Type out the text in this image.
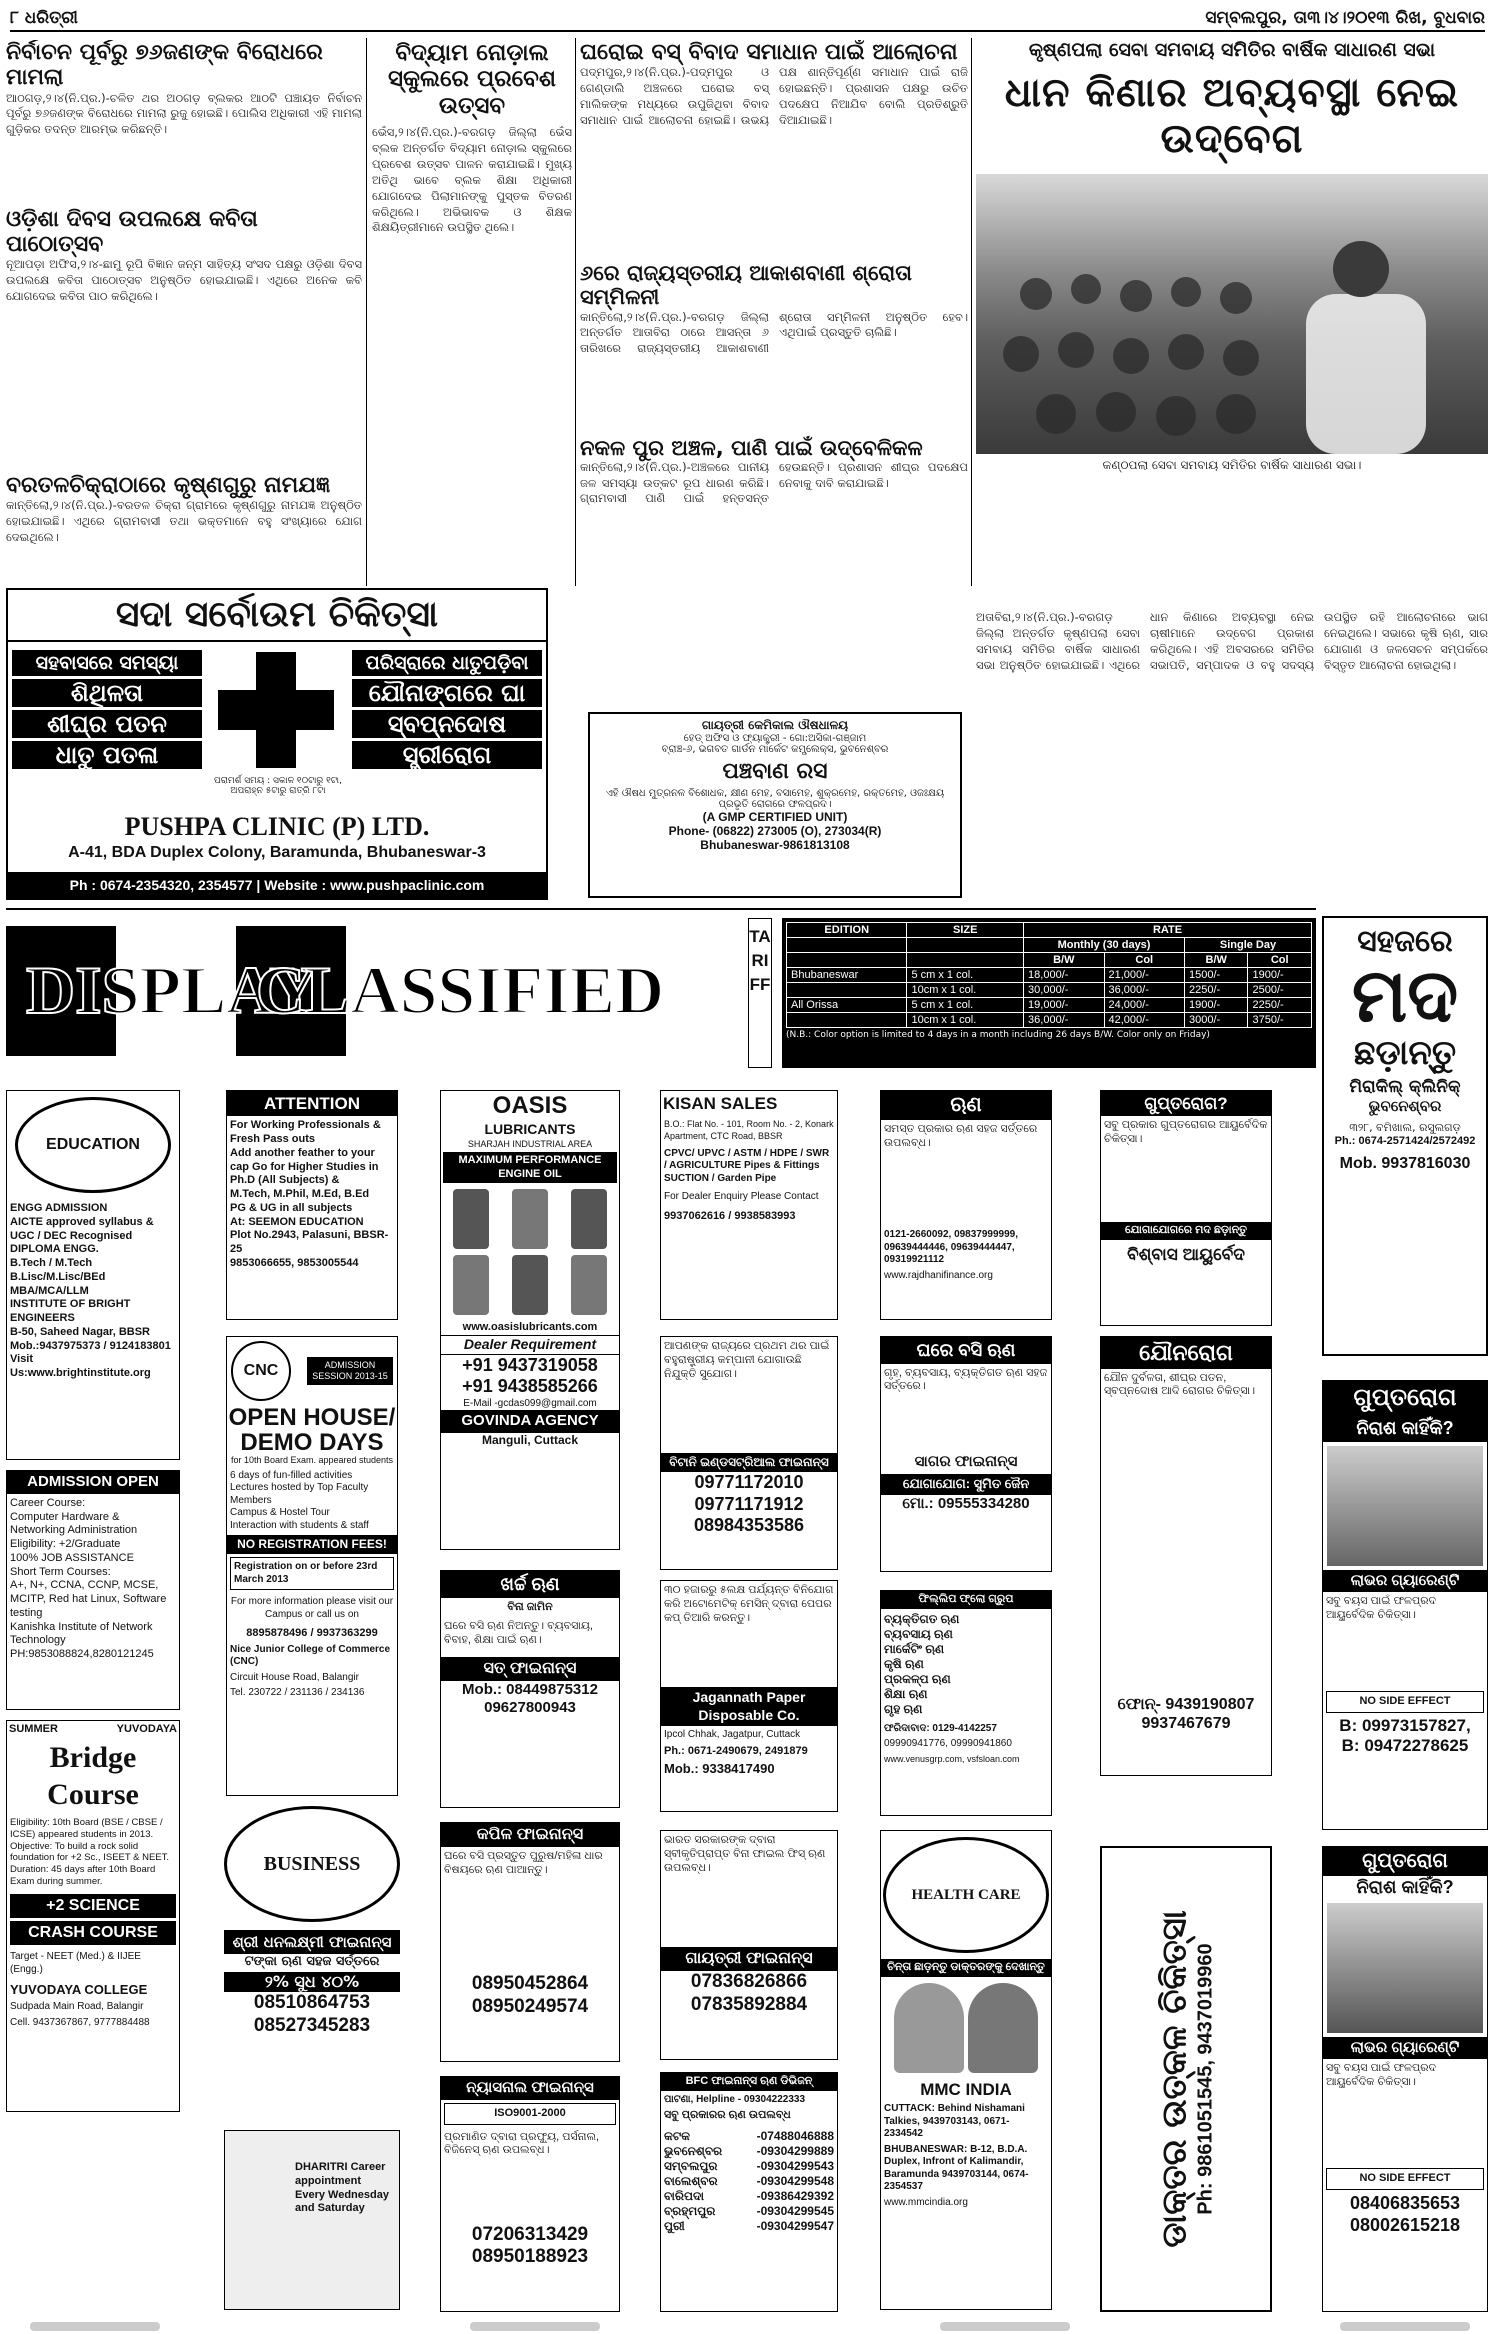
୮ ଧରିତ୍ରୀ	ସମ୍ବଲପୁର, ତା୩।୪।୨୦୧୩ ରିଖ, ବୁଧବାର
ନିର୍ବାଚନ ପୂର୍ବରୁ ୭୬ଜଣଙ୍କ ବିରୋଧରେ ମାମଲା
ଆଠଗଡ଼,୨।୪(ନି.ପ୍ର.)-ଚଳିତ ଥର ଅଠଗଡ଼ ବ୍ଲକର ଆଠଟି ପଞ୍ଚାୟତ ନିର୍ବାଚନ ପୂର୍ବରୁ ୭୬ଜଣଙ୍କ ବିରୋଧରେ ମାମଲା ରୁଜୁ ହୋଇଛି। ପୋଲିସ ଅଧିକାରୀ ଏହି ମାମଲା ଗୁଡ଼ିକର ତଦନ୍ତ ଆରମ୍ଭ କରିଛନ୍ତି।
ଓଡ଼ିଶା ଦିବସ ଉପଲକ୍ଷେ କବିତା ପାଠୋତ୍ସବ
ନୂଆପଡ଼ା ଅଫିସ,୨।୪-ଛାମୁ ରୂପି ବିଜ୍ଞାନ ଜନ୍ମ ସାହିତ୍ୟ ସଂସଦ ପକ୍ଷରୁ ଓଡ଼ିଶା ଦିବସ ଉପଲକ୍ଷେ କବିତା ପାଠୋତ୍ସବ ଅନୁଷ୍ଠିତ ହୋଇଯାଇଛି। ଏଥିରେ ଅନେକ କବି ଯୋଗଦେଇ କବିତା ପାଠ କରିଥିଲେ।
ବରତଳଚିକ୍ରାଠାରେ କୃଷ୍ଣଗୁରୁ ନାମଯଜ୍ଞ
କାନ୍ତିଲୋ,୨।୪(ନି.ପ୍ର.)-ବରତଳ ଚିକ୍ରା ଗ୍ରାମରେ କୃଷ୍ଣଗୁରୁ ନାମଯଜ୍ଞ ଅନୁଷ୍ଠିତ ହୋଇଯାଇଛି। ଏଥିରେ ଗ୍ରାମବାସୀ ତଥା ଭକ୍ତମାନେ ବହୁ ସଂଖ୍ୟାରେ ଯୋଗ ଦେଇଥିଲେ।
ବିଦ୍ୟାମ ନୋଡ଼ାଲ ସ୍କୁଲରେ ପ୍ରବେଶ ଉତ୍ସବ
ଭେଁସ,୨।୪(ନି.ପ୍ର.)-ବରଗଡ଼ ଜିଲ୍ଲା ଭେଁସ ବ୍ଲକ ଅନ୍ତର୍ଗତ ବିଦ୍ୟାମ ନୋଡ଼ାଲ ସ୍କୁଲରେ ପ୍ରବେଶ ଉତ୍ସବ ପାଳନ କରାଯାଇଛି। ମୁଖ୍ୟ ଅତିଥି ଭାବେ ବ୍ଲକ ଶିକ୍ଷା ଅଧିକାରୀ ଯୋଗଦେଇ ପିଲାମାନଙ୍କୁ ପୁସ୍ତକ ବିତରଣ କରିଥିଲେ। ଅଭିଭାବକ ଓ ଶିକ୍ଷକ ଶିକ୍ଷୟିତ୍ରୀମାନେ ଉପସ୍ଥିତ ଥିଲେ।
ଘରୋଇ ବସ୍ ବିବାଦ ସମାଧାନ ପାଇଁ ଆଲୋଚନା
ପଦ୍ମପୁର,୨।୪(ନି.ପ୍ର.)-ପଦ୍ମପୁର ଓ ଗେଣ୍ଡାଲି ଅଞ୍ଚଳରେ ଘରୋଇ ବସ୍ ମାଲିକଙ୍କ ମଧ୍ୟରେ ଉପୁଜିଥିବା ବିବାଦ ସମାଧାନ ପାଇଁ ଆଲୋଚନା ହୋଇଛି। ଉଭୟ ପକ୍ଷ ଶାନ୍ତିପୂର୍ଣ୍ଣ ସମାଧାନ ପାଇଁ ରାଜି ହୋଇଛନ୍ତି। ପ୍ରଶାସନ ପକ୍ଷରୁ ଉଚିତ ପଦକ୍ଷେପ ନିଆଯିବ ବୋଲି ପ୍ରତିଶ୍ରୁତି ଦିଆଯାଇଛି।
୬ରେ ରାଜ୍ୟସ୍ତରୀୟ ଆକାଶବାଣୀ ଶ୍ରୋତା ସମ୍ମିଳନୀ
କାନ୍ତିଲୋ,୨।୪(ନି.ପ୍ର.)-ବରଗଡ଼ ଜିଲ୍ଲା ଅନ୍ତର୍ଗତ ଆତାବିରା ଠାରେ ଆସନ୍ତା ୬ ତାରିଖରେ ରାଜ୍ୟସ୍ତରୀୟ ଆକାଶବାଣୀ ଶ୍ରୋତା ସମ୍ମିଳନୀ ଅନୁଷ୍ଠିତ ହେବ। ଏଥିପାଇଁ ପ୍ରସ୍ତୁତି ଚାଲିଛି।
ନକଳ ପୁର ଅଞ୍ଚଳ, ପାଣି ପାଇଁ ଉଦ୍ବେଳିକଳ
କାନ୍ତିଲୋ,୨।୪(ନି.ପ୍ର.)-ଅଞ୍ଚଳରେ ପାନୀୟ ଜଳ ସମସ୍ୟା ଉତ୍କଟ ରୂପ ଧାରଣ କରିଛି। ଗ୍ରାମବାସୀ ପାଣି ପାଇଁ ହନ୍ତସନ୍ତ ହେଉଛନ୍ତି। ପ୍ରଶାସନ ଶୀଘ୍ର ପଦକ୍ଷେପ ନେବାକୁ ଦାବି କରାଯାଇଛି।
କୃଷ୍ଣପଲା ସେବା ସମବାୟ ସମିତିର ବାର୍ଷିକ ସାଧାରଣ ସଭା
ଧାନ କିଣାର ଅବ୍ୟବସ୍ଥା ନେଇ ଉଦ୍ବେଗ
କଣ୍ଠପଲା ସେବା ସମବାୟ ସମିତିର ବାର୍ଷିକ ସାଧାରଣ ସଭା।
ଅତାବିରା,୨।୪(ନି.ପ୍ର.)-ବରଗଡ଼ ଜିଲ୍ଲା ଅନ୍ତର୍ଗତ କୃଷ୍ଣପଲା ସେବା ସମବାୟ ସମିତିର ବାର୍ଷିକ ସାଧାରଣ ସଭା ଅନୁଷ୍ଠିତ ହୋଇଯାଇଛି। ଏଥିରେ ଧାନ କିଣାରେ ଅବ୍ୟବସ୍ଥା ନେଇ ଚାଷୀମାନେ ଉଦ୍ବେଗ ପ୍ରକାଶ କରିଥିଲେ। ଏହି ଅବସରରେ ସମିତିର ସଭାପତି, ସମ୍ପାଦକ ଓ ବହୁ ସଦସ୍ୟ ଉପସ୍ଥିତ ରହି ଆଲୋଚନାରେ ଭାଗ ନେଇଥିଲେ। ସଭାରେ କୃଷି ଋଣ, ସାର ଯୋଗାଣ ଓ ଜଳସେଚନ ସମ୍ପର୍କରେ ବିସ୍ତୃତ ଆଲୋଚନା ହୋଇଥିଲା।
ସଦା ସର୍ବୋଉମ ଚିକିତ୍ସା
ସହବାସରେ ସମସ୍ୟା
ଶିଥିଳତା
ଶୀଘ୍ର ପତନ
ଧାତୁ ପତଳା
ପରାମର୍ଶ ସମୟ : ସକାଳ ୧୦ଟାରୁ ୧ଟା, ଅପରାହ୍ନ ୫ଟାରୁ ରାତ୍ରି ୮ଟା
ପରିସ୍ରାରେ ଧାତୁପଡ଼ିବା
ଯୌନାଙ୍ଗରେ ଘା
ସ୍ବପ୍ନଦୋଷ
ସ୍ତ୍ରୀରୋଗ
PUSHPA CLINIC (P) LTD.
A-41, BDA Duplex Colony, Baramunda, Bhubaneswar-3
Ph : 0674-2354320, 2354577 | Website : www.pushpaclinic.com
ଗାୟତ୍ରୀ କେମିକାଲ ଔଷଧାଳୟ
ହେଡ୍ ଅଫିସ ଓ ଫ୍ୟାକ୍ଟ୍ରୀ - ଗୋ:ଅସିକା-ଗଞ୍ଜାମ
ବ୍ରାଞ୍ଚ-୬, ଭଗବତ ଗାର୍ଡନ ମାର୍କେଟ କମ୍ପ୍ଲେକ୍ସ, ଭୁବନେଶ୍ବର
ପଞ୍ଚବାଣ ରସ
ଏହି ଔଷଧ ମୁତ୍ରନଳ ବିଶୋଧକ, କ୍ଷୀଣ ମେହ, ବସାମେହ, ଶୁକ୍ରମେହ, ରକ୍ତମେହ, ଓଜଃକ୍ଷୟ ପ୍ରଭୃତି ରୋଗରେ ଫଳପ୍ରଦ।
(A GMP CERTIFIED UNIT)
Phone- (06822) 273005 (O), 273034(R)
Bhubaneswar-9861813108
DISPLAY
CLASSIFIED
TARIFF
EDITION	SIZE	RATE			
		Monthly (30 days)		Single Day	
		B/W	Col	B/W	Col
Bhubaneswar	5 cm x 1 col.	18,000/-	21,000/-	1500/-	1900/-
	10cm x 1 col.	30,000/-	36,000/-	2250/-	2500/-
All Orissa	5 cm x 1 col.	19,000/-	24,000/-	1900/-	2250/-
	10cm x 1 col.	36,000/-	42,000/-	3000/-	3750/-
(N.B.: Color option is limited to 4 days in a month including 26 days B/W. Color only on Friday)
ସହଜରେ
ମଦ
ଛଡ଼ାନ୍ତୁ
ମିରାକିଲ୍ କ୍ଲିନିକ୍
ଭୁବନେଶ୍ବର
୩୨୮, ବମିଖାଲ, ରସୁଲଗଡ଼
Ph.: 0674-2571424/2572492
Mob. 9937816030
EDUCATION
ENGG ADMISSION
AICTE approved syllabus & UGC / DEC Recognised
DIPLOMA ENGG.
B.Tech / M.Tech
B.Lisc/M.Lisc/BEd
MBA/MCA/LLM
INSTITUTE OF BRIGHT ENGINEERS
B-50, Saheed Nagar, BBSR
Mob.:9437975373 / 9124183801
Visit Us:www.brightinstitute.org
ADMISSION OPEN
Career Course:
Computer Hardware & Networking Administration
Eligibility: +2/Graduate
100% JOB ASSISTANCE
Short Term Courses:
A+, N+, CCNA, CCNP, MCSE, MCITP, Red hat Linux, Software testing
Kanishka Institute of Network Technology
PH:9853088824,8280121245
SUMMER	YUVODAYA
Bridge Course
Eligibility: 10th Board (BSE / CBSE / ICSE) appeared students in 2013. Objective: To build a rock solid foundation for +2 Sc., ISEET & NEET. Duration: 45 days after 10th Board Exam during summer.
+2 SCIENCE
CRASH COURSE
Target - NEET (Med.) & IIJEE (Engg.)
YUVODAYA COLLEGE
Sudpada Main Road, Balangir
Cell. 9437367867, 9777884488
ATTENTION
For Working Professionals & Fresh Pass outs
Add another feather to your cap Go for Higher Studies in
Ph.D (All Subjects) &
M.Tech, M.Phil, M.Ed, B.Ed
PG & UG in all subjects
At: SEEMON EDUCATION
Plot No.2943, Palasuni, BBSR-25
9853066655, 9853005544
CNC	ADMISSION SESSION 2013-15
OPEN HOUSE/ DEMO DAYS
for 10th Board Exam. appeared students
6 days of fun-filled activities
Lectures hosted by Top Faculty Members
Campus & Hostel Tour
Interaction with students & staff
NO REGISTRATION FEES!
Registration on or before 23rd March 2013
For more information please visit our Campus or call us on
8895878496 / 9937363299
Nice Junior College of Commerce (CNC)
Circuit House Road, Balangir
Tel. 230722 / 231136 / 234136
BUSINESS
ଶ୍ରୀ ଧନଲକ୍ଷ୍ମୀ ଫାଇନାନ୍ସ
ଟଙ୍କା ଋଣ ସହଜ ସର୍ତ୍ତରେ
୨% ସୁଧ ୪୦%
08510864753
08527345283
DHARITRI Career appointment Every Wednesday and Saturday
OASIS
LUBRICANTS
SHARJAH INDUSTRIAL AREA
MAXIMUM PERFORMANCE ENGINE OIL
www.oasislubricants.com
Dealer Requirement
+91 9437319058
+91 9438585266
E-Mail -gcdas099@gmail.com
GOVINDA AGENCY
Manguli, Cuttack
ଖର୍ଚ୍ଚ ଋଣ
ବିନା ଜାମିନ
ଘରେ ବସି ଋଣ ନିଅନ୍ତୁ। ବ୍ୟବସାୟ, ବିବାହ, ଶିକ୍ଷା ପାଇଁ ଋଣ।
ସତ୍ ଫାଇନାନ୍ସ
Mob.: 08449875312
09627800943
କପିଳ ଫାଇନାନ୍ସ
ଘରେ ବସି ପ୍ରସ୍ତୁତ ପୁରୁଷ/ମହିଳା ଧାର ବିଷୟରେ ଋଣ ପାଆନ୍ତୁ।
08950452864
08950249574
ନ୍ୟାସନାଲ ଫାଇନାନ୍ସ
ISO9001-2000
ପ୍ରମାଣିତ ଦ୍ବାରା ପ୍ରଫ୍ୟୁ, ପର୍ସନାଲ, ବିଜିନେସ୍ ଋଣ ଉପଲବ୍ଧ।
07206313429
08950188923
KISAN SALES
B.O.: Flat No. - 101, Room No. - 2, Konark Apartment, CTC Road, BBSR
CPVC/ UPVC / ASTM / HDPE / SWR / AGRICULTURE Pipes & Fittings SUCTION / Garden Pipe
For Dealer Enquiry Please Contact
9937062616 / 9938583993
ଆପଣଙ୍କ ରାଜ୍ୟରେ ପ୍ରଥମ ଥର ପାଇଁ ବହୁରାଷ୍ଟ୍ରୀୟ କମ୍ପାନୀ ଯୋଗାଉଛି ନିଯୁକ୍ତି ସୁଯୋଗ।
ବିଟାନି ଇଣ୍ଡସଟ୍ରିଆଲ ଫାଇନାନ୍ସ
09771172010
09771171912
08984353586
୩୦ ହଜାରରୁ ୫ଲକ୍ଷ ପର୍ଯ୍ୟନ୍ତ ବିନିଯୋଗ କରି ଅଟୋମେଟିକ୍ ମେସିନ୍ ଦ୍ବାରା ପେପର କପ୍ ତିଆରି କରନ୍ତୁ।
Jagannath Paper Disposable Co.
Ipcol Chhak, Jagatpur, Cuttack
Ph.: 0671-2490679, 2491879
Mob.: 9338417490
ଭାରତ ସରକାରଙ୍କ ଦ୍ବାରା ସ୍ବୀକୃତିପ୍ରାପ୍ତ ବିନା ଫାଇଲ ଫିସ୍ ଋଣ ଉପଲବ୍ଧ।
ଗାୟତ୍ରୀ ଫାଇନାନ୍ସ
07836826866
07835892884
BFC ଫାଇନାନ୍ସ ଋଣ ଡିଭିଜନ୍
ପାଟଣା, Helpline - 09304222333
ସବୁ ପ୍ରକାରର ଋଣ ଉପଲବ୍ଧ
କଟକ	-07488046888
ଭୁବନେଶ୍ବର	-09304299889
ସମ୍ବଲପୁର	-09304299543
ବାଲେଶ୍ବର	-09304299548
ବାରିପଦା	-09386429392
ବ୍ରହ୍ମପୁର	-09304299545
ପୁରୀ	-09304299547
ଋଣ
ସମସ୍ତ ପ୍ରକାର ଋଣ ସହଜ ସର୍ତ୍ତରେ ଉପଲବ୍ଧ।
0121-2660092, 09837999999, 09639444446, 09639444447, 09319921112
www.rajdhanifinance.org
ଘରେ ବସି ଋଣ
ଗୃହ, ବ୍ୟବସାୟ, ବ୍ୟକ୍ତିଗତ ଋଣ ସହଜ ସର୍ତ୍ତରେ।
ସାଗର ଫାଇନାନ୍ସ
ଯୋଗାଯୋଗ: ସୁମିତ ଜୈନ
ମୋ.: 09555334280
ଫିଲ୍ଲିପ ଫ୍ଲୋ ଗ୍ରୁପ
ବ୍ୟକ୍ତିଗତ ଋଣ
ବ୍ୟବସାୟ ଋଣ
ମାର୍କେଟିଂ ଋଣ
କୃଷି ଋଣ
ପ୍ରକଳ୍ପ ଋଣ
ଶିକ୍ଷା ଋଣ
ଗୃହ ଋଣ
ଫରିଦାବାଦ: 0129-4142257
09990941776, 09990941860
www.venusgrp.com, vsfsloan.com
HEALTH CARE
ଚିନ୍ତା ଛାଡ଼ନ୍ତୁ ଡାକ୍ତରଙ୍କୁ ଦେଖାନ୍ତୁ
MMC INDIA
CUTTACK: Behind Nishamani Talkies, 9439703143, 0671-2334542
BHUBANESWAR: B-12, B.D.A. Duplex, Infront of Kalimandir, Baramunda 9439703144, 0674-2354537
www.mmcindia.org
ଗୁପ୍ତରୋଗ?
ସବୁ ପ୍ରକାର ଗୁପ୍ତରୋଗର ଆୟୁର୍ବେଦିକ ଚିକିତ୍ସା।
ଯୋଗାଯୋଗରେ ମଦ ଛଡ଼ାନ୍ତୁ
ବିଶ୍ବାସ ଆୟୁର୍ବେଦ
ଯୌନରୋଗ
ଯୌନ ଦୁର୍ବଳତା, ଶୀଘ୍ର ପତନ, ସ୍ବପ୍ନଦୋଷ ଆଦି ରୋଗର ଚିକିତ୍ସା।
ଫୋନ୍- 9439190807
9937467679
ଡାକ୍ତର ଉତ୍କଳ ଚିକିତ୍ସା Ph: 9861051545, 9437019960
ଗୁପ୍ତରୋଗ
ନିରାଶ କାହିଁକି?
ଲାଭର ଗ୍ୟାରେଣ୍ଟି
ସବୁ ବୟସ ପାଇଁ ଫଳପ୍ରଦ ଆୟୁର୍ବେଦିକ ଚିକିତ୍ସା।
NO SIDE EFFECT
B: 09973157827,
B: 09472278625
ଗୁପ୍ତରୋଗ
ନିରାଶ କାହିଁକି?
ଲାଭର ଗ୍ୟାରେଣ୍ଟି
ସବୁ ବୟସ ପାଇଁ ଫଳପ୍ରଦ ଆୟୁର୍ବେଦିକ ଚିକିତ୍ସା।
NO SIDE EFFECT
08406835653
08002615218
